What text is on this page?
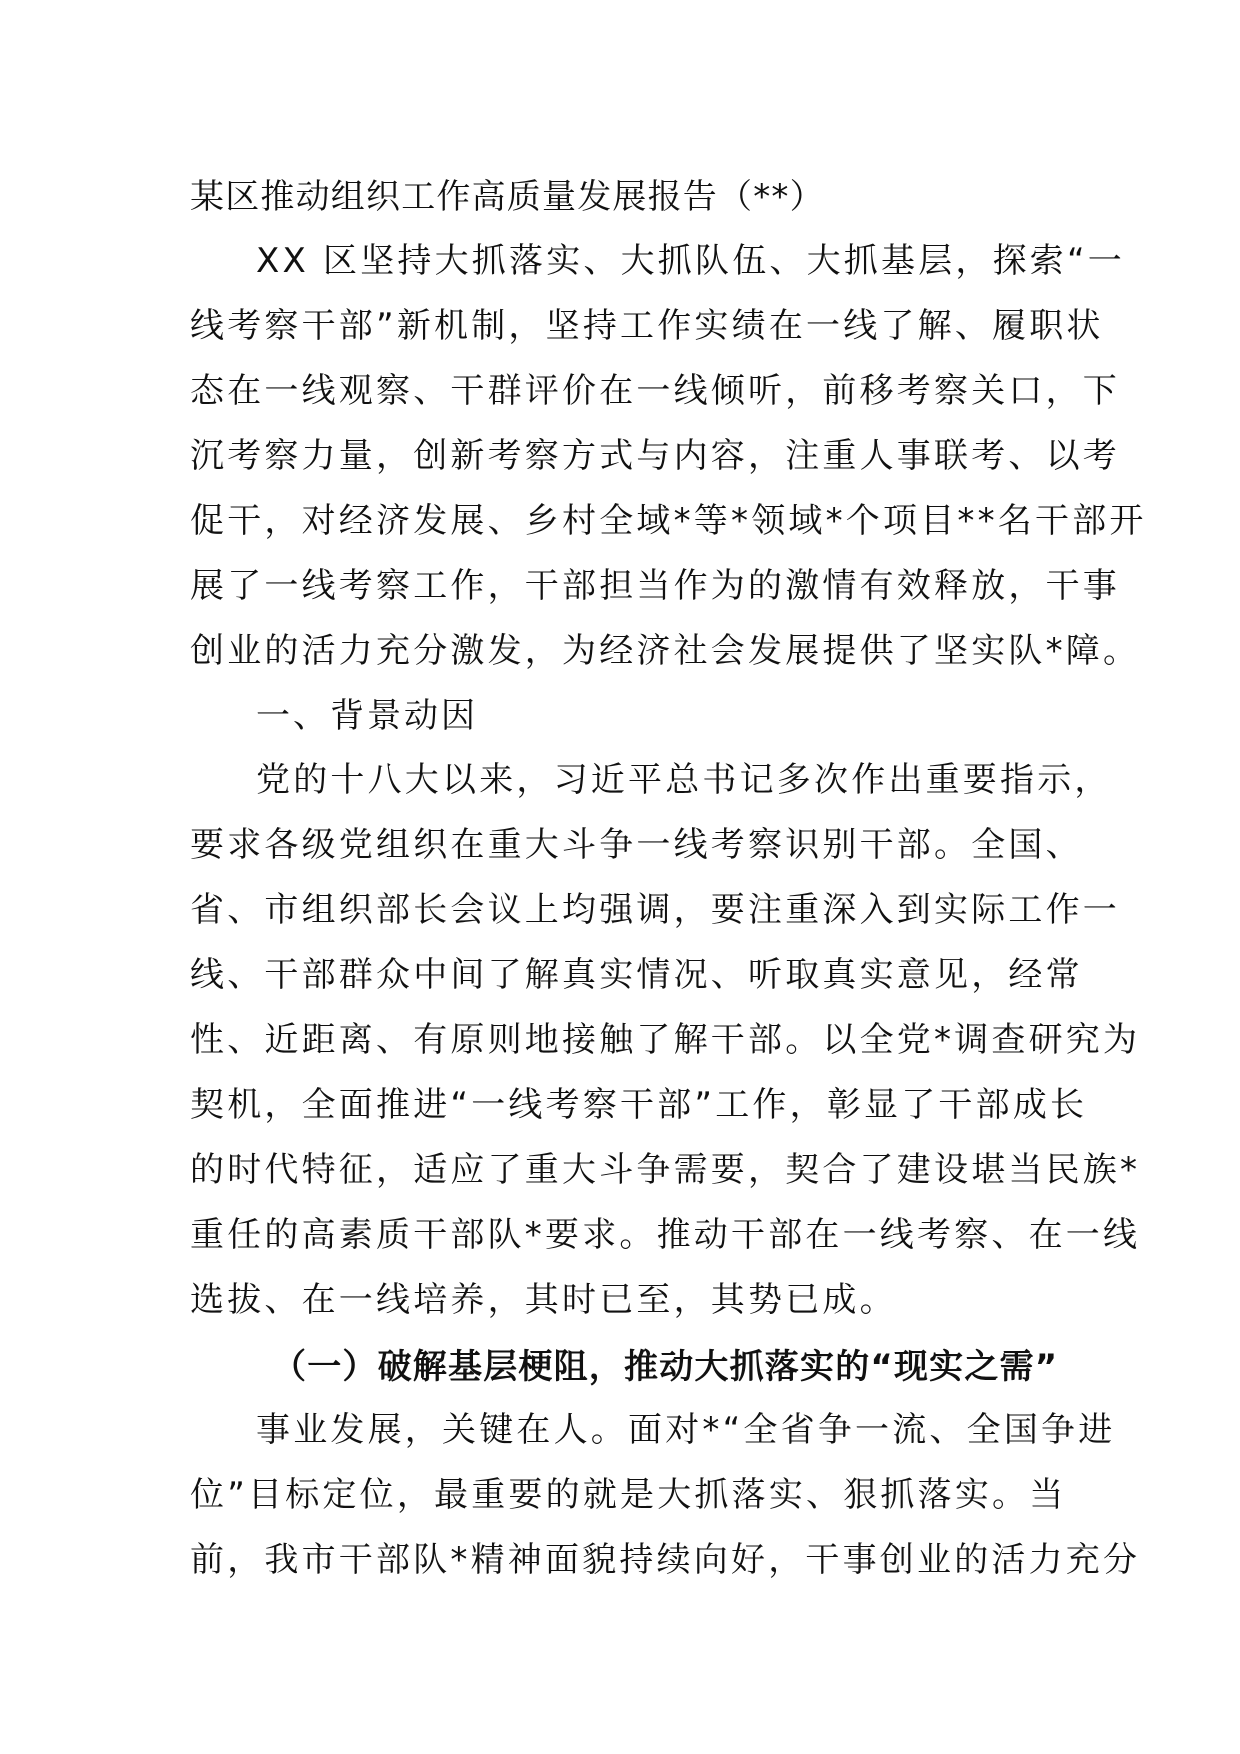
某区推动组织工作高质量发展报告（**）
XX 区坚持大抓落实、大抓队伍、大抓基层，探索“一
线考察干部”新机制，坚持工作实绩在一线了解、履职状
态在一线观察、干群评价在一线倾听，前移考察关口，下
沉考察力量，创新考察方式与内容，注重人事联考、以考
促干，对经济发展、乡村全域*等*领域*个项目**名干部开
展了一线考察工作，干部担当作为的激情有效释放，干事
创业的活力充分激发，为经济社会发展提供了坚实队*障。
一、背景动因
党的十八大以来，习近平总书记多次作出重要指示，
要求各级党组织在重大斗争一线考察识别干部。全国、
省、市组织部长会议上均强调，要注重深入到实际工作一
线、干部群众中间了解真实情况、听取真实意见，经常
性、近距离、有原则地接触了解干部。以全党*调查研究为
契机，全面推进“一线考察干部”工作，彰显了干部成长
的时代特征，适应了重大斗争需要，契合了建设堪当民族*
重任的高素质干部队*要求。推动干部在一线考察、在一线
选拔、在一线培养，其时已至，其势已成。
（一）破解基层梗阻，推动大抓落实的“现实之需”
事业发展，关键在人。面对*“全省争一流、全国争进
位”目标定位，最重要的就是大抓落实、狠抓落实。当
前，我市干部队*精神面貌持续向好，干事创业的活力充分
